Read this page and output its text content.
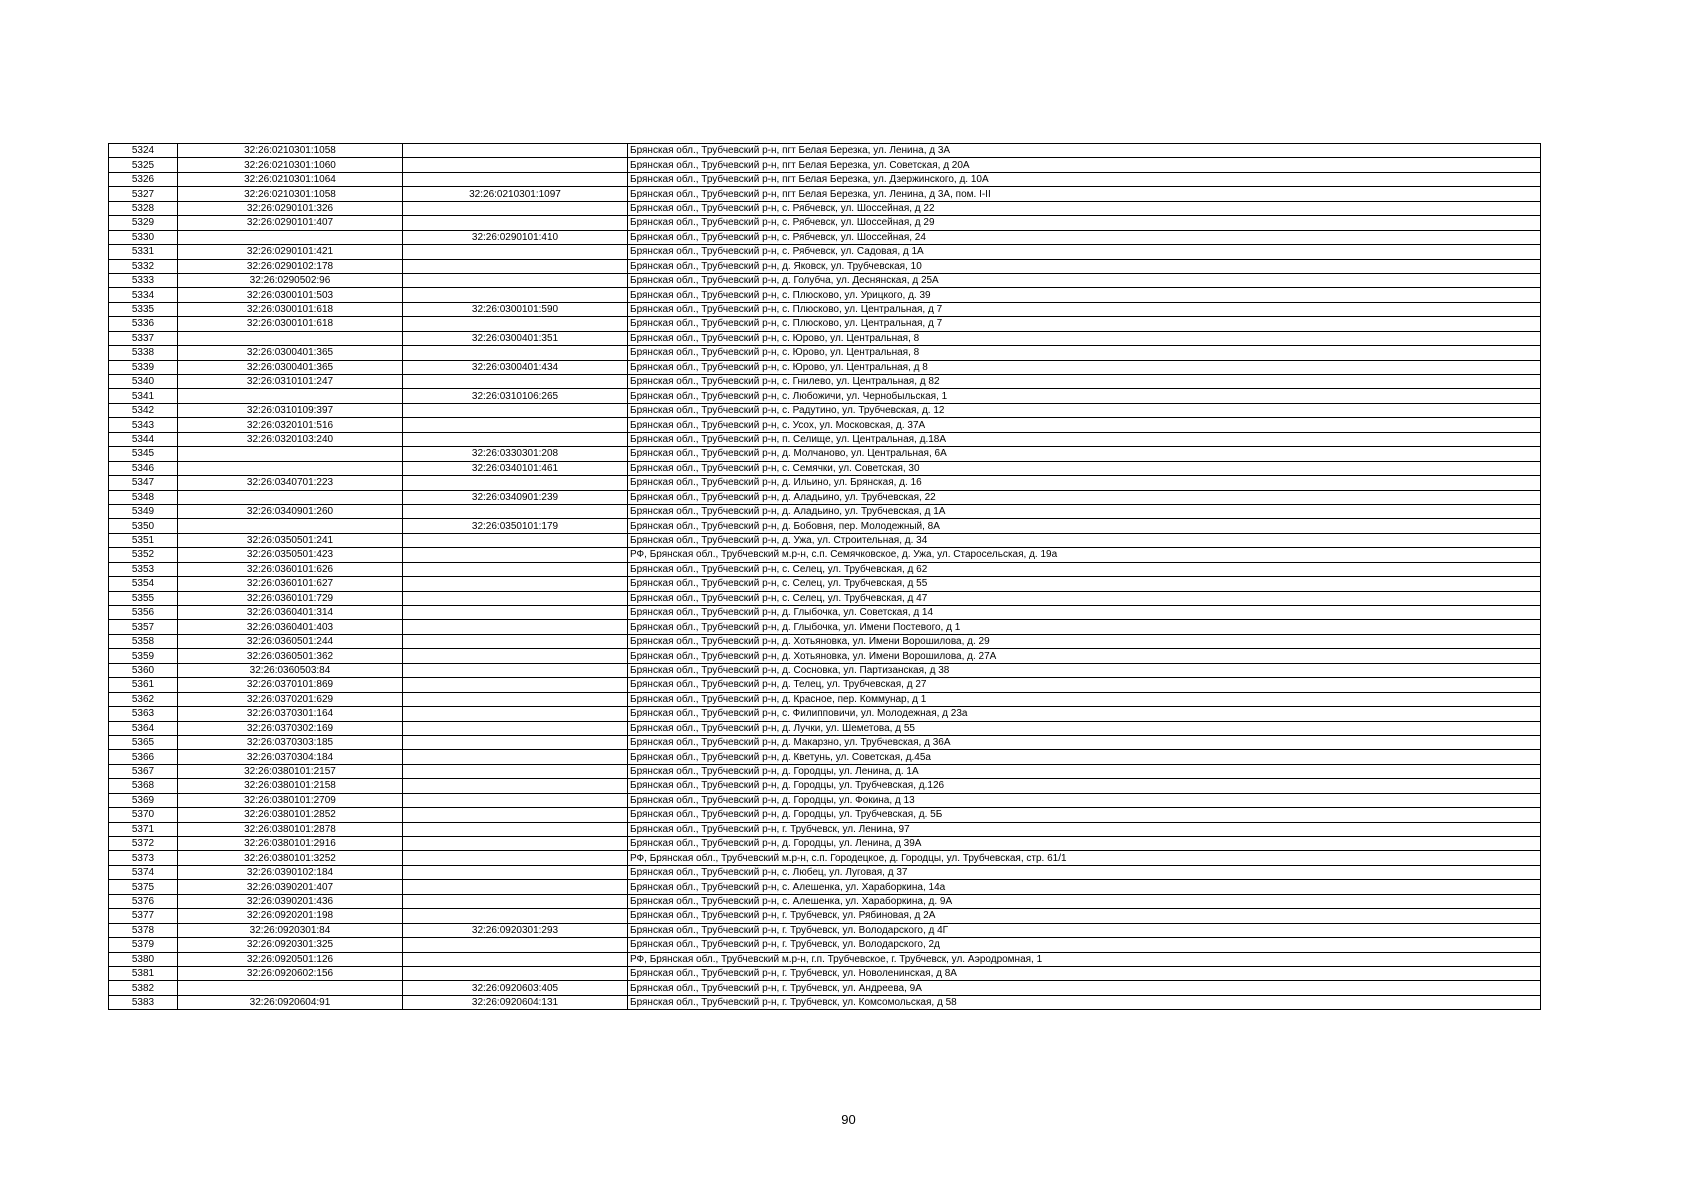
5324	32:26:0210301:1058		Брянская обл., Трубчевский р-н, пгт Белая Березка, ул. Ленина, д 3А
5325	32:26:0210301:1060		Брянская обл., Трубчевский р-н, пгт Белая Березка, ул. Советская, д 20А
5326	32:26:0210301:1064		Брянская обл., Трубчевский р-н, пгт Белая Березка, ул. Дзержинского, д. 10А
5327	32:26:0210301:1058	32:26:0210301:1097	Брянская обл., Трубчевский р-н, пгт Белая Березка, ул. Ленина, д 3А, пом. I-II
5328	32:26:0290101:326		Брянская обл., Трубчевский р-н, с. Рябчевск, ул. Шоссейная, д 22
5329	32:26:0290101:407		Брянская обл., Трубчевский р-н, с. Рябчевск, ул. Шоссейная, д 29
5330		32:26:0290101:410	Брянская обл., Трубчевский р-н, с. Рябчевск, ул. Шоссейная, 24
5331	32:26:0290101:421		Брянская обл., Трубчевский р-н, с. Рябчевск, ул. Садовая, д 1А
5332	32:26:0290102:178		Брянская обл., Трубчевский р-н, д. Яковск, ул. Трубчевская, 10
5333	32:26:0290502:96		Брянская обл., Трубчевский р-н, д. Голубча, ул. Деснянская, д 25А
5334	32:26:0300101:503		Брянская обл., Трубчевский р-н, с. Плюсково, ул. Урицкого, д. 39
5335	32:26:0300101:618	32:26:0300101:590	Брянская обл., Трубчевский р-н, с. Плюсково, ул. Центральная, д 7
5336	32:26:0300101:618		Брянская обл., Трубчевский р-н, с. Плюсково, ул. Центральная, д 7
5337		32:26:0300401:351	Брянская обл., Трубчевский р-н, с. Юрово, ул. Центральная, 8
5338	32:26:0300401:365		Брянская обл., Трубчевский р-н, с. Юрово, ул. Центральная, 8
5339	32:26:0300401:365	32:26:0300401:434	Брянская обл., Трубчевский р-н, с. Юрово, ул. Центральная, д 8
5340	32:26:0310101:247		Брянская обл., Трубчевский р-н, с. Гнилево, ул. Центральная, д 82
5341		32:26:0310106:265	Брянская обл., Трубчевский р-н, с. Любожичи, ул. Чернобыльская, 1
5342	32:26:0310109:397		Брянская обл., Трубчевский р-н, с. Радутино, ул. Трубчевская, д. 12
5343	32:26:0320101:516		Брянская обл., Трубчевский р-н, с. Усох, ул. Московская, д. 37А
5344	32:26:0320103:240		Брянская обл., Трубчевский р-н, п. Селище, ул. Центральная, д.18А
5345		32:26:0330301:208	Брянская обл., Трубчевский р-н, д. Молчаново, ул. Центральная, 6А
5346		32:26:0340101:461	Брянская обл., Трубчевский р-н, с. Семячки, ул. Советская, 30
5347	32:26:0340701:223		Брянская обл., Трубчевский р-н, д. Ильино, ул. Брянская, д. 16
5348		32:26:0340901:239	Брянская обл., Трубчевский р-н, д. Аладьино, ул. Трубчевская, 22
5349	32:26:0340901:260		Брянская обл., Трубчевский р-н, д. Аладьино, ул. Трубчевская, д 1А
5350		32:26:0350101:179	Брянская обл., Трубчевский р-н, д. Бобовня, пер. Молодежный, 8А
5351	32:26:0350501:241		Брянская обл., Трубчевский р-н, д. Ужа, ул. Строительная, д. 34
5352	32:26:0350501:423		РФ, Брянская обл., Трубчевский м.р-н, с.п. Семячковское, д. Ужа, ул. Старосельская, д. 19а
5353	32:26:0360101:626		Брянская обл., Трубчевский р-н, с. Селец, ул. Трубчевская, д 62
5354	32:26:0360101:627		Брянская обл., Трубчевский р-н, с. Селец, ул. Трубчевская, д 55
5355	32:26:0360101:729		Брянская обл., Трубчевский р-н, с. Селец, ул. Трубчевская, д 47
5356	32:26:0360401:314		Брянская обл., Трубчевский р-н, д. Глыбочка, ул. Советская, д 14
5357	32:26:0360401:403		Брянская обл., Трубчевский р-н, д. Глыбочка, ул. Имени Постевого, д 1
5358	32:26:0360501:244		Брянская обл., Трубчевский р-н, д. Хотьяновка, ул. Имени Ворошилова, д. 29
5359	32:26:0360501:362		Брянская обл., Трубчевский р-н, д. Хотьяновка, ул. Имени Ворошилова, д. 27А
5360	32:26:0360503:84		Брянская обл., Трубчевский р-н, д. Сосновка, ул. Партизанская, д 38
5361	32:26:0370101:869		Брянская обл., Трубчевский р-н, д. Телец, ул. Трубчевская, д 27
5362	32:26:0370201:629		Брянская обл., Трубчевский р-н, д. Красное, пер. Коммунар, д 1
5363	32:26:0370301:164		Брянская обл., Трубчевский р-н, с. Филипповичи, ул. Молодежная, д 23а
5364	32:26:0370302:169		Брянская обл., Трубчевский р-н, д. Лучки, ул. Шеметова, д 55
5365	32:26:0370303:185		Брянская обл., Трубчевский р-н, д. Макарзно, ул. Трубчевская, д 36А
5366	32:26:0370304:184		Брянская обл., Трубчевский р-н, д. Кветунь, ул. Советская, д.45а
5367	32:26:0380101:2157		Брянская обл., Трубчевский р-н, д. Городцы, ул. Ленина, д. 1А
5368	32:26:0380101:2158		Брянская обл., Трубчевский р-н, д. Городцы, ул. Трубчевская, д.126
5369	32:26:0380101:2709		Брянская обл., Трубчевский р-н, д. Городцы, ул. Фокина, д 13
5370	32:26:0380101:2852		Брянская обл., Трубчевский р-н, д. Городцы, ул. Трубчевская, д. 5Б
5371	32:26:0380101:2878		Брянская обл., Трубчевский р-н, г. Трубчевск, ул. Ленина, 97
5372	32:26:0380101:2916		Брянская обл., Трубчевский р-н, д. Городцы, ул. Ленина, д 39А
5373	32:26:0380101:3252		РФ, Брянская обл., Трубчевский м.р-н, с.п. Городецкое, д. Городцы, ул. Трубчевская, стр. 61/1
5374	32:26:0390102:184		Брянская обл., Трубчевский р-н, с. Любец, ул. Луговая, д 37
5375	32:26:0390201:407		Брянская обл., Трубчевский р-н, с. Алешенка, ул. Хараборкина, 14а
5376	32:26:0390201:436		Брянская обл., Трубчевский р-н, с. Алешенка, ул. Хараборкина, д. 9А
5377	32:26:0920201:198		Брянская обл., Трубчевский р-н, г. Трубчевск, ул. Рябиновая, д 2А
5378	32:26:0920301:84	32:26:0920301:293	Брянская обл., Трубчевский р-н, г. Трубчевск, ул. Володарского, д 4Г
5379	32:26:0920301:325		Брянская обл., Трубчевский р-н, г. Трубчевск, ул. Володарского, 2д
5380	32:26:0920501:126		РФ, Брянская обл., Трубчевский м.р-н, г.п. Трубчевское, г. Трубчевск, ул. Аэродромная, 1
5381	32:26:0920602:156		Брянская обл., Трубчевский р-н, г. Трубчевск, ул. Новоленинская, д 8А
5382		32:26:0920603:405	Брянская обл., Трубчевский р-н, г. Трубчевск, ул. Андреева, 9А
5383	32:26:0920604:91	32:26:0920604:131	Брянская обл., Трубчевский р-н, г. Трубчевск, ул. Комсомольская, д 58
90
